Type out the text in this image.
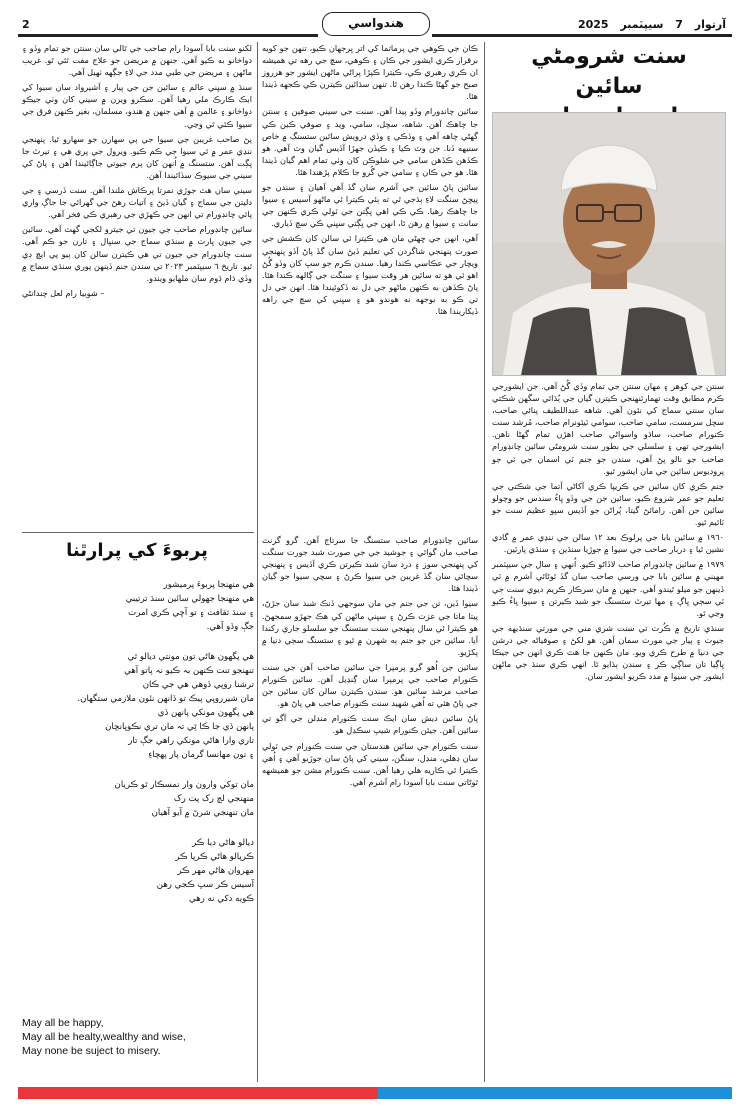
2	هندواسي	آرتوار 7 سيپٽمبر 2025
سنت شرومڻي سائين

سنتن جي کوهر ۽ مهان سنتن جي تمام وڏي گُڻ آهي. جن ايشورجي ڪرم مطابق وقت تهمارٽنهنجي ڪيترن گيان جي ٻُڌائي سگهن شڪتي سان سنتي سماج کي نئون آهي. شاهه عبداللطيف پنائي صاحب، سچل سرمست، سامي صاحب، سوامي ٽيئونرام صاحب، مُرشد سنت ڪنورام صاحب، ساڌو واسواڻي صاحب اهڙن تمام گهڻا ناهن. ايشورجي تهي ۽ سلسلي جي بطور سنت شرومڻي سائين چانڊورام صاحب جو نالو پڻ آهي، سندن جو جنم ٽي اسمان جي ٽي جو پروڊيوس سائين جي مان ايشور ٿيو.

جنم ڪري کان سائين جي ڪريپا ڪري آکاڻي آتما جي شڪتي جي تعليم جو عمر شروع ڪيو، سائين جن جي وڏو ڀاءُ سندس جو وچولو سائين جن آهن. رامائڻ گيتا، پُراڻن جو آڏيس سڀو عظيم سنت جو ٽائيم ٿيو.

١٩٦٠ ۾ سائين بابا جي پرلوڪ بعد ١٢ سالن جي ننڍي عمر ۾ گادي نشين ٿيا ۽ دربار صاحب جي سيوا ۾ جوڙيا سنڌين ۽ سنڌي پارٽين.

١٩٧٩ ۾ سائين چانڊورام صاحب لاڏاڻو ڪيو. اُنهي ۽ سال جي سيپٽمبر مهيني ۾ سائين بابا جي ورسي صاحب سان گڏ ٿوڻائي آشرم ۾ ٽي ڏينهن جو ميلو ٿيندو آهي. جنهن ۾ مان سرڪار ڪريم ديوي سنت جي ٽي سڄي ڀاڳ ۽ مها تيرٿ ستسنگ جو شبد ڪيرتن ۽ سيوا ڀاءُ ڪيو وڃي ٿو.

سنڌي تاريخ ۾ ڪُرت تي سنت شري مني جي مورتي سنڌيهه جي جيوت ۽ پيار جي مورت سمان آهن. هو لکڻ ۽ صوفياڻه جي درشن جي دنيا ۾ طرح ڪري ويو. مان ڪنهن جا هٿ ڪري انهن جي جيڪا ڀاڳيا تان ساڳي ڪر ۽ سندن ٻڌايو ٿا. انهي ڪري سنڌ جي ماڻهن ايشور جي سيوا ۾ مدد ڪريو ايشور سان.

ڪان جي ڪوهي جي پرماتما کي اتر ڀرجهان ڪيو، تنهن جو کويه برقرار ڪري ايشور جي ڪان ۽ ڪوهي، سچ جي رهه تي هميشه ان ڪري رهبري ڪي، ڪيترا ڪپڙا پراڻي ماڻهن ايشور جو هرروز صبح جو گهڻا ڪندا رهن ٿا. تنهن سڌائين ڪيترن ڪي ڪجهه ڏيندا هئا.

سائين چانڊورام وڏو پيدا آهن. سنت جي سيني صوفين ۽ سنتن جا چاهڪ آهن. شاهه، سچل، سامي، ويد ۽ صوفي ڪين ڪي گهڻي چاهه آهي ۽ وڏڪي ۽ وڏي درويش سائين ستسنگ ۾ خاص سنيهه ڏنا. جن وٽ ڪيا ۽ ڪيڏن جهڙا آڏيس گيان وٽ آهي. هو ڪڏهن ڪڏهن سامي جي شلوڪن کان وٺي تمام اهم گيان ڏيندا هئا. هو جي ڪان ۽ سامي جي گُرو جا ڪلام پڙهندا هئا.

سائين پاڻ سائين جي آشرم سان گڏ آهي آهيان ۽ سندن جو پيڇڻ سنگت لاءِ ٻڌجي ٿي ته ٻئي ڪيترا ئي ماڻهو آسيس ۽ سيوا جا چاهڪ رهيا. ڪي ڪي اهي ڀڳتن جي ٽولي ڪري ڪنهن جي سانت ۽ سيوا ۾ رهن ٿا، انهن جي ڀڳتي سڀني ڪي سچ ڏياري.

آهي، انهن جي ڇهڻي مان هي ڪيترا ئي سالن کان ڪشش جي صورت پنهنجي شاگردن کي تعليم ڏيڻ سان گڏ پاڻ آڏو پنهنجي ويچار جي عڪاسي ڪندا رهيا. سندن ڪرم جو سڀ کان وڏو گُڻ اهو ئي هو ته سائين هر وقت سيوا ۽ سنگت جي ڳالهه ڪندا هئا. پاڻ ڪڏهن به ڪنهن ماڻهو جي دل نه ڏکوئيندا هئا. انهن جي دل تي ڪو به بوجهه نه هوندو هو ۽ سڀني کي سچ جي راهه ڏيکاريندا هئا.

سائين چانڊورام صاحب ستسنگ جا سرتاج آهن. گرو گرنٿ صاحب مان گوائي ۽ جوشيد جي جي صورت شبد جورت سنگت کي پنهنجي سوز ۽ درد سان شبد ڪيرتن ڪري آڏيس ۽ پنهنجي سچائي سان گڏ غريبن جي سيوا ڪرڻ ۽ سچي سيوا جو گيان ڏيندا هئا.

سيوا ڏين، تن جي جنم جي مان سوجهي ڏنڪ شبد سان جڙڻ، پيتا ماتا جي عزت ڪرڻ ۽ سڀني ماڻهن کي هڪ جهڙو سمجهڻ. هو ڪيترا ئي سال پنهنجي سنت ستسنگ جو سلسلو جاري رکندا آيا. سائين جن جو جنم ٻه شهرن ۾ ٿيو ۽ ستسنگ سڄي دنيا ۾ پکڙيو.

سائين جن اُهو گرو پرمپرا جي سائين صاحب آهن جي سنت ڪنورام صاحب جي پرمپرا سان ڳنڍيل آهن. سائين ڪنورام صاحب مرشد سائين هو. سندن ڪيترن سالن کان سائين جن جي پاڻ هئي ته اُهي شهيد سنت ڪنورام صاحب هي پاڻ هو.

پاڻ سائين ديش سان ايڪ سنت ڪنورام منڊلن جي آگو تي سائين آهن. جيئن ڪنورام شيپ سڪڊل هو.

سنت ڪنورام جي سائين هندستان جي سنت ڪنورام جي ٽولي سان ڊهلي، منڊل، سنگن، سيني کي پاڻ سان جوڙيو آهي ۽ اُهي ڪيترا ئي ڪاريه هلي رهيا آهن. سنت ڪنورام مشن جو هميشهه ٿوڻاتي سنت بابا آسودا رام آشرم آهي.

لکنو سنت بابا آسودا رام صاحب جي ٿالي سان سنتن جو تمام وڏو ۽ دواخانو به ڪيو آهي. جنهن ۾ مريضن جو علاج مفت ٿئي ٿو. غريب ماڻهن ۽ مريضن جي طبي مدد جي لاءِ جڳهه ٺهيل آهي.

سنڌ ۾ سڀني عالم ۽ سائين جن جي پيار ۽ آشيرواد سان سيوا کي ايڪ ڪارڪ ملي رهيا آهن. سڪرو ويرن ۾ سيني کان وٺي جيڪو دواخانو ۽ عالمن ۾ آهي جنهن ۾ هندو، مسلمان، بغير ڪنهن فرق جي سيوا ڪئي ٿي وڃي.

پڻ صاحب غريبن جي سيوا جي ٻي سهارن جو سهارو ٿيا. پنهنجي ننڍي عمر ۾ ئي سيوا جي ڪم ڪيو. ويرول جي پري هي ۽ تيرٿ جا ڀڳت آهن. ستسنگ ۾ اُنهن کان پرم جيوتي جاڳائيندا آهن ۽ پاڻ کي سيني جي سيوڪ سڏائيندا آهن.

سيني سان هٿ جوڙي نمرتا پرڪاش ملندا آهن. سنت ڏرسي ۽ جي دليتن جي سماج ۽ گيان ڏيڻ ۽ آتيات رهڻ جي گهرائي جا جاڳ واري پائي چانڊورام تي انهن جي ڪهڙي جي رهبري ڪي فخر آهي.

سائين چانڊورام صاحب جي جيون تي جيترو لکجي گهٽ آهي. سائين جي جيون ڀارت ۾ سنڌي سماج جي سنڀال ۽ تارن جو ڪم آهي. سنت چانڊورام جي جيون تي هي ڪيترن سالن کان ٻيو پي ايڇ ڊي ٿيو. تاريخ ٦ سيپٽمبر ٢٠٢٣ تي سندن جنم ڏينهن پوري سنڌي سماج ۾ وڏي ڌام ڌوم سان ملهايو ويندو.

– شوبيا رام لعل چندانڻي
پربوءَ کي پرارٿنا
هي منهنجا پربوءَ پرميشور
هي منهنجا جهولي سائين سنڌ ترتيبي
۽ سنڌ ثقافت ۽ تو آڇي ڪري امرت
جڳ وڏو آهي.
هي پگهون هاڻي تون مونتي ديالو ٿي
تنهنجو تنت ڪنهن بہ ڪيو نہ پاتو آهي
ترشنا روپي ڏوهي هي جي ڪان
مان شيرروپي پيڪ تو ڏانهن نئون ملازمي ستگهان.
هي پگهون مونکي پانهن ڏي
پانهن ڏي جا ڪا ٿِي تہ مان تري نڪوپانڇان
تاري وارا هاڻي مونکي راهي جڳ تار
۽ تون مهانسا گرمان پار پهچاءِ
مان توکي وارون وار نمسڪار ٿو ڪريان
منهنجي لڄ رک پت رک
مان تنهنجي شرڻ ۾ آيو آهيان
ديالو هاڻي ديا ڪر
ڪرپالو هاڻي ڪرپا ڪر
مهروان هاڻي مهر ڪر
آسيس ڪر سڀ ڪجي رهن
ڪويه دکي نه رهي
May all be happy,
May all be healty,wealthy and wise,
May none be suject to misery.
